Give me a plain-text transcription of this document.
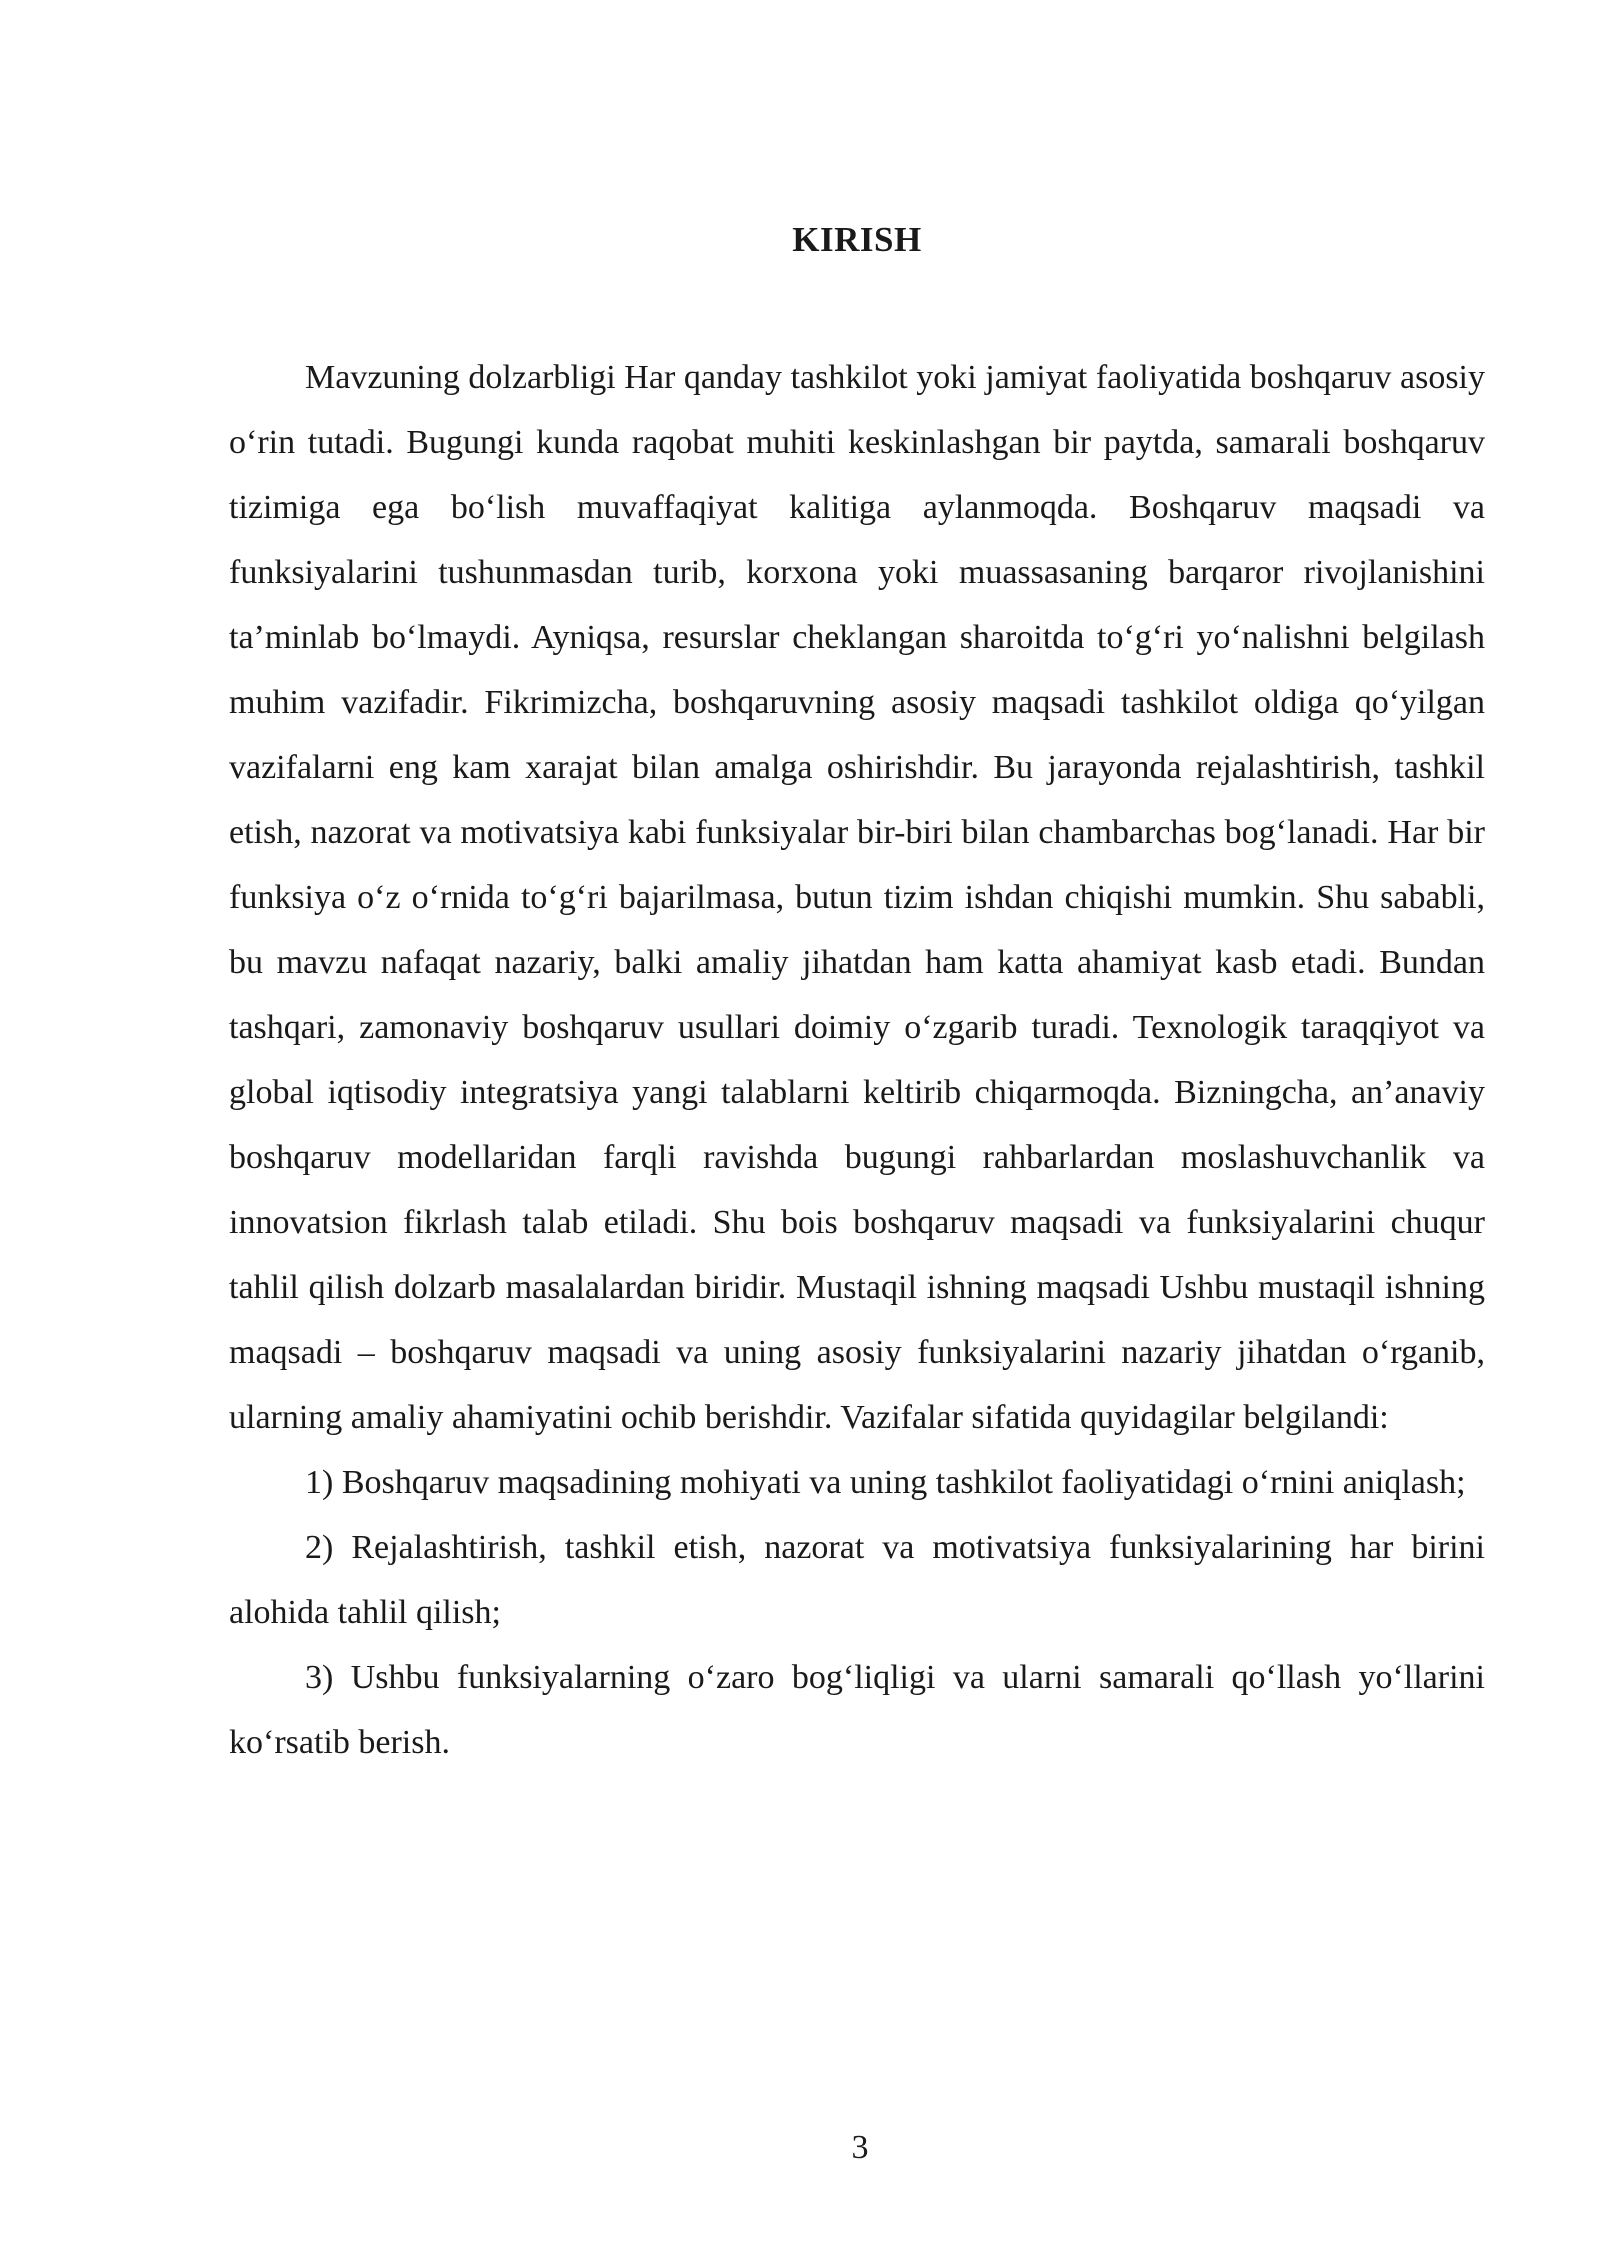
KIRISH

Mavzuning dolzarbligi Har qanday tashkilot yoki jamiyat faoliyatida boshqaruv asosiy o‘rin tutadi. Bugungi kunda raqobat muhiti keskinlashgan bir paytda, samarali boshqaruv tizimiga ega bo‘lish muvaffaqiyat kalitiga aylanmoqda. Boshqaruv maqsadi va funksiyalarini tushunmasdan turib, korxona yoki muassasaning barqaror rivojlanishini ta’minlab bo‘lmaydi. Ayniqsa, resurslar cheklangan sharoitda to‘g‘ri yo‘nalishni belgilash muhim vazifadir. Fikrimizcha, boshqaruvning asosiy maqsadi tashkilot oldiga qo‘yilgan vazifalarni eng kam xarajat bilan amalga oshirishdir. Bu jarayonda rejalashtirish, tashkil etish, nazorat va motivatsiya kabi funksiyalar bir-biri bilan chambarchas bog‘lanadi. Har bir funksiya o‘z o‘rnida to‘g‘ri bajarilmasa, butun tizim ishdan chiqishi mumkin. Shu sababli, bu mavzu nafaqat nazariy, balki amaliy jihatdan ham katta ahamiyat kasb etadi. Bundan tashqari, zamonaviy boshqaruv usullari doimiy o‘zgarib turadi. Texnologik taraqqiyot va global iqtisodiy integratsiya yangi talablarni keltirib chiqarmoqda. Bizningcha, an’anaviy boshqaruv modellaridan farqli ravishda bugungi rahbarlardan moslashuvchanlik va innovatsion fikrlash talab etiladi. Shu bois boshqaruv maqsadi va funksiyalarini chuqur tahlil qilish dolzarb masalalardan biridir. Mustaqil ishning maqsadi Ushbu mustaqil ishning maqsadi – boshqaruv maqsadi va uning asosiy funksiyalarini nazariy jihatdan o‘rganib, ularning amaliy ahamiyatini ochib berishdir. Vazifalar sifatida quyidagilar belgilandi:

1) Boshqaruv maqsadining mohiyati va uning tashkilot faoliyatidagi o‘rnini aniqlash;

2) Rejalashtirish, tashkil etish, nazorat va motivatsiya funksiyalarining har birini alohida tahlil qilish;

3) Ushbu funksiyalarning o‘zaro bog‘liqligi va ularni samarali qo‘llash yo‘llarini ko‘rsatib berish.

3
